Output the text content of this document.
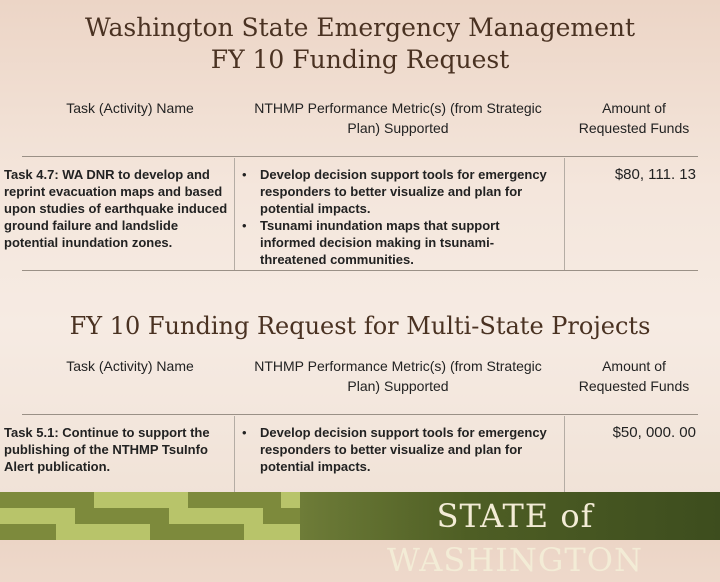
Washington State Emergency Management
FY 10 Funding Request
Task (Activity) Name	NTHMP Performance Metric(s) (from Strategic Plan) Supported
Amount of Requested Funds
Task 4.7: WA DNR to develop and reprint evacuation maps and based upon studies of earthquake induced ground failure and landslide potential inundation zones.
• Develop decision support tools for emergency responders to better visualize and plan for potential impacts.
• Tsunami inundation maps that support informed decision making in tsunami-threatened communities.
$80, 111. 13
FY 10 Funding Request for Multi-State Projects
Task (Activity) Name	NTHMP Performance Metric(s) (from Strategic Plan) Supported
Amount of Requested Funds
Task 5.1: Continue to support the publishing of the NTHMP TsuInfo Alert publication.
• Develop decision support tools for emergency responders to better visualize and plan for potential impacts.
$50, 000. 00
STATE of WASHINGTON
